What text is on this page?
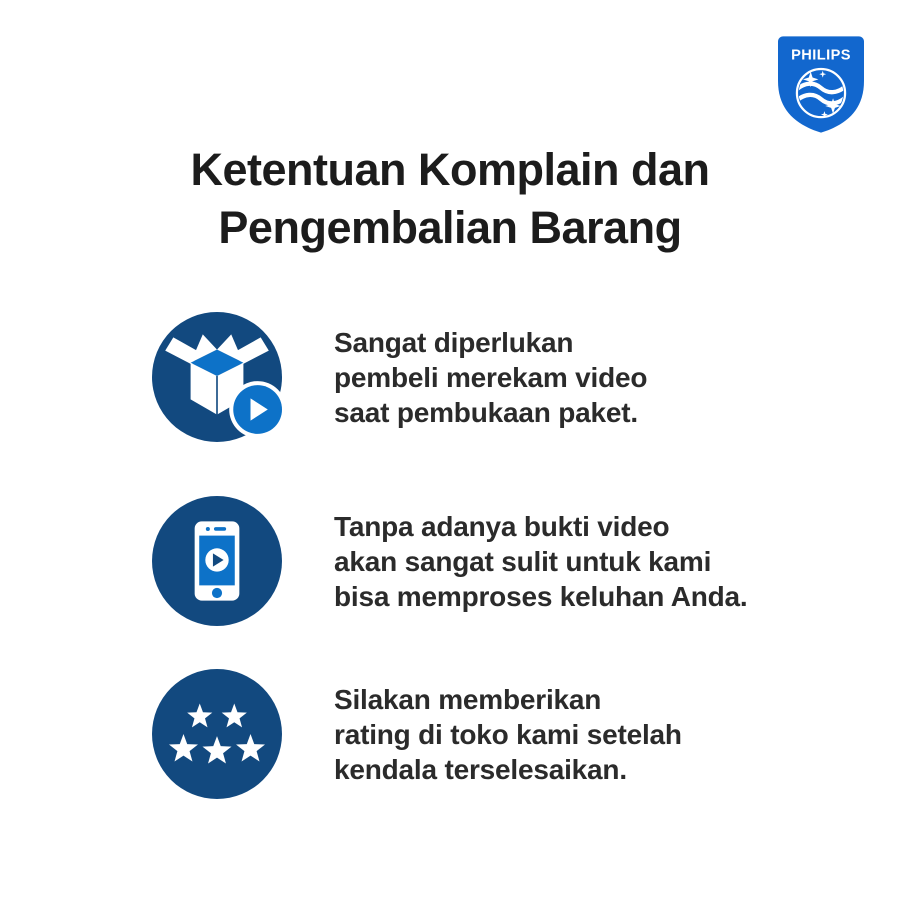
PHILIPS
Ketentuan Komplain dan
Pengembalian Barang
Sangat diperlukan
pembeli merekam video
saat pembukaan paket.
Tanpa adanya bukti video
akan sangat sulit untuk kami
bisa memproses keluhan Anda.
Silakan memberikan
rating di toko kami setelah
kendala terselesaikan.
